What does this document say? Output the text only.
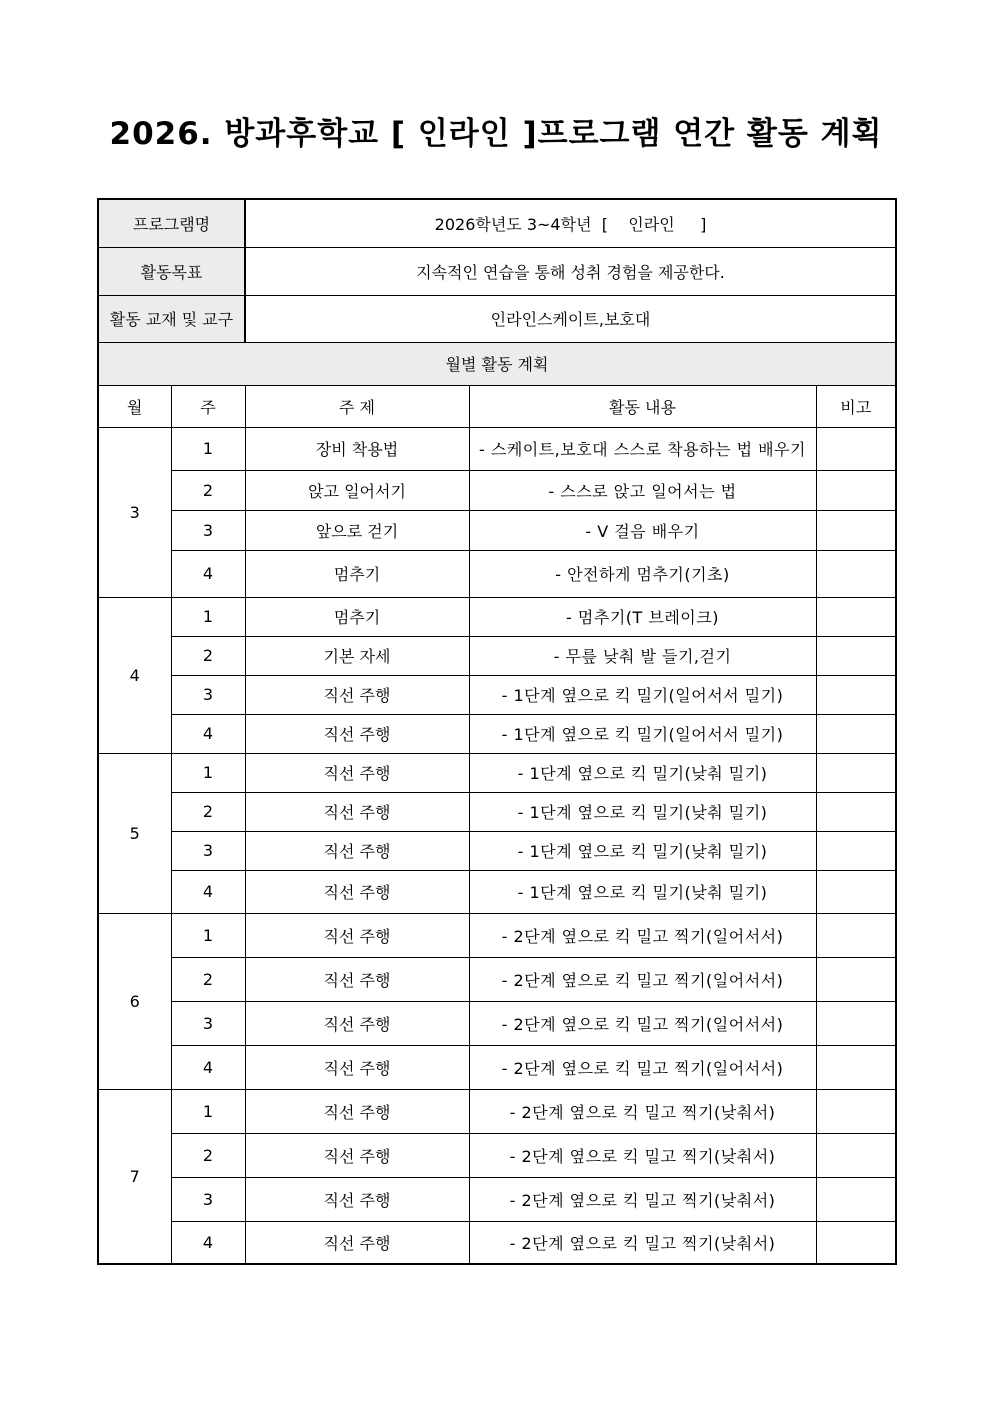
2026. 방과후학교 [ 인라인 ]프로그램 연간 활동 계획
프로그램명		2026학년도 3~4학년  [    인라인     ]		
활동목표		지속적인 연습을 통해 성취 경험을 제공한다.		
활동 교재 및 교구		인라인스케이트,보호대		
월별 활동 계획				
월	주	주 제	활동 내용	비고
3	1	장비 착용법	- 스케이트,보호대 스스로 착용하는 법 배우기	
	2	앉고 일어서기	- 스스로 앉고 일어서는 법	
	3	앞으로 걷기	- V 걸음 배우기	
	4	멈추기	- 안전하게 멈추기(기초)	
4	1	멈추기	- 멈추기(T 브레이크)	
	2	기본 자세	- 무릎 낮춰 발 들기,걷기	
	3	직선 주행	- 1단계 옆으로 킥 밀기(일어서서 밀기)	
	4	직선 주행	- 1단계 옆으로 킥 밀기(일어서서 밀기)	
5	1	직선 주행	- 1단계 옆으로 킥 밀기(낮춰 밀기)	
	2	직선 주행	- 1단계 옆으로 킥 밀기(낮춰 밀기)	
	3	직선 주행	- 1단계 옆으로 킥 밀기(낮춰 밀기)	
	4	직선 주행	- 1단계 옆으로 킥 밀기(낮춰 밀기)	
6	1	직선 주행	- 2단계 옆으로 킥 밀고 찍기(일어서서)	
	2	직선 주행	- 2단계 옆으로 킥 밀고 찍기(일어서서)	
	3	직선 주행	- 2단계 옆으로 킥 밀고 찍기(일어서서)	
	4	직선 주행	- 2단계 옆으로 킥 밀고 찍기(일어서서)	
7	1	직선 주행	- 2단계 옆으로 킥 밀고 찍기(낮춰서)	
	2	직선 주행	- 2단계 옆으로 킥 밀고 찍기(낮춰서)	
	3	직선 주행	- 2단계 옆으로 킥 밀고 찍기(낮춰서)	
	4	직선 주행	- 2단계 옆으로 킥 밀고 찍기(낮춰서)	
